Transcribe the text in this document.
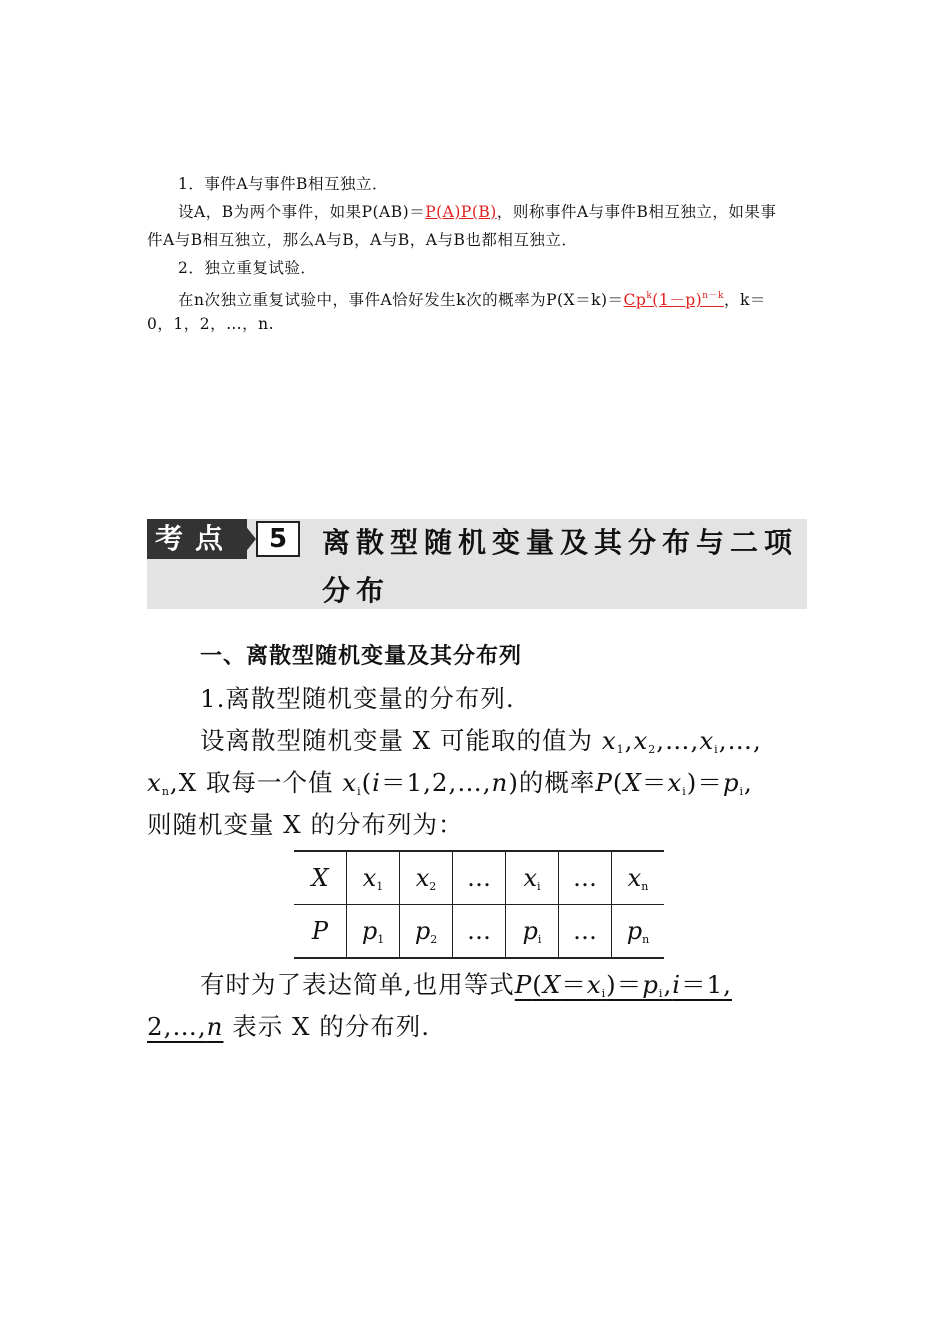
1．事件A与事件B相互独立．
设A，B为两个事件，如果P(AB)＝P(A)P(B)，则称事件A与事件B相互独立，如果事
件A与B相互独立，那么A与B，A与B，A与B也都相互独立．
2．独立重复试验．
在n次独立重复试验中，事件A恰好发生k次的概率为$P(X=k)=Cp^k(1-p)^{n-k}$，k＝
0，1，2，…，n.
考点	5	离散型随机变量及其分布与二项分布
一、离散型随机变量及其分布列
1.离散型随机变量的分布列.
设离散型随机变量 X 可能取的值为 $x_1,x_2,\dots,x_i,\dots$,
$x_n,X$ 取每一个值 $x_i(i=1,2,\dots,n)$的概率$P(X=x_i)=p_i$,
则随机变量 X 的分布列为：
X	$x_1$	$x_2$	…	$x_i$	…	$x_n$
P	$p_1$	$p_2$	…	$p_i$	…	$p_n$
有时为了表达简单,也用等式$P(X=x_i)=p_i,i=1$,
2,…,n 表示 X 的分布列.
